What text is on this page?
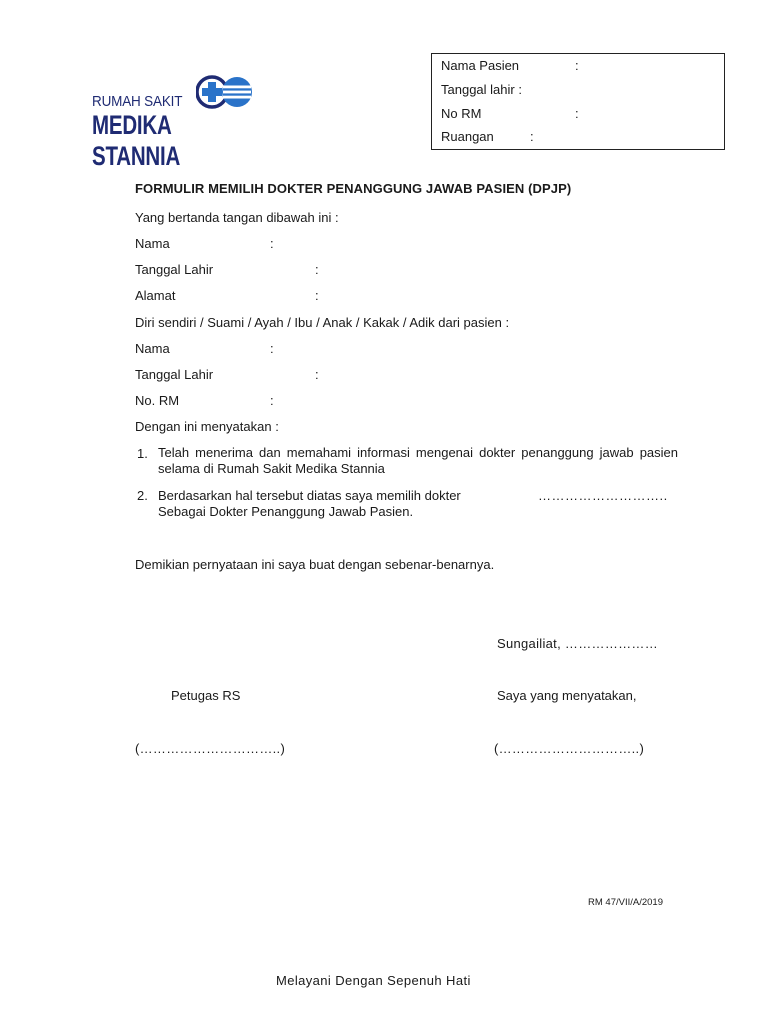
RUMAH SAKIT
MEDIKA STANNIA
Nama Pasien	:
Tanggal lahir :
No RM	:
Ruangan	:
FORMULIR MEMILIH DOKTER PENANGGUNG JAWAB PASIEN (DPJP)
Yang bertanda tangan dibawah ini :
Nama	:
Tanggal Lahir	:
Alamat	:
Diri sendiri / Suami / Ayah / Ibu / Anak / Kakak / Adik dari pasien :
Nama	:
Tanggal Lahir	:
No. RM	:
Dengan ini menyatakan :
1. Telah menerima dan memahami informasi mengenai dokter penanggung jawab pasien selama di Rumah Sakit Medika Stannia
2. Berdasarkan hal tersebut diatas saya memilih dokter	………………………..
Sebagai Dokter Penanggung Jawab Pasien.
Demikian pernyataan ini saya buat dengan sebenar-benarnya.
Sungailiat, …………………
Petugas RS	Saya yang menyatakan,
(…………………………..)	(…………………………..)
RM 47/VII/A/2019
Melayani Dengan Sepenuh Hati
